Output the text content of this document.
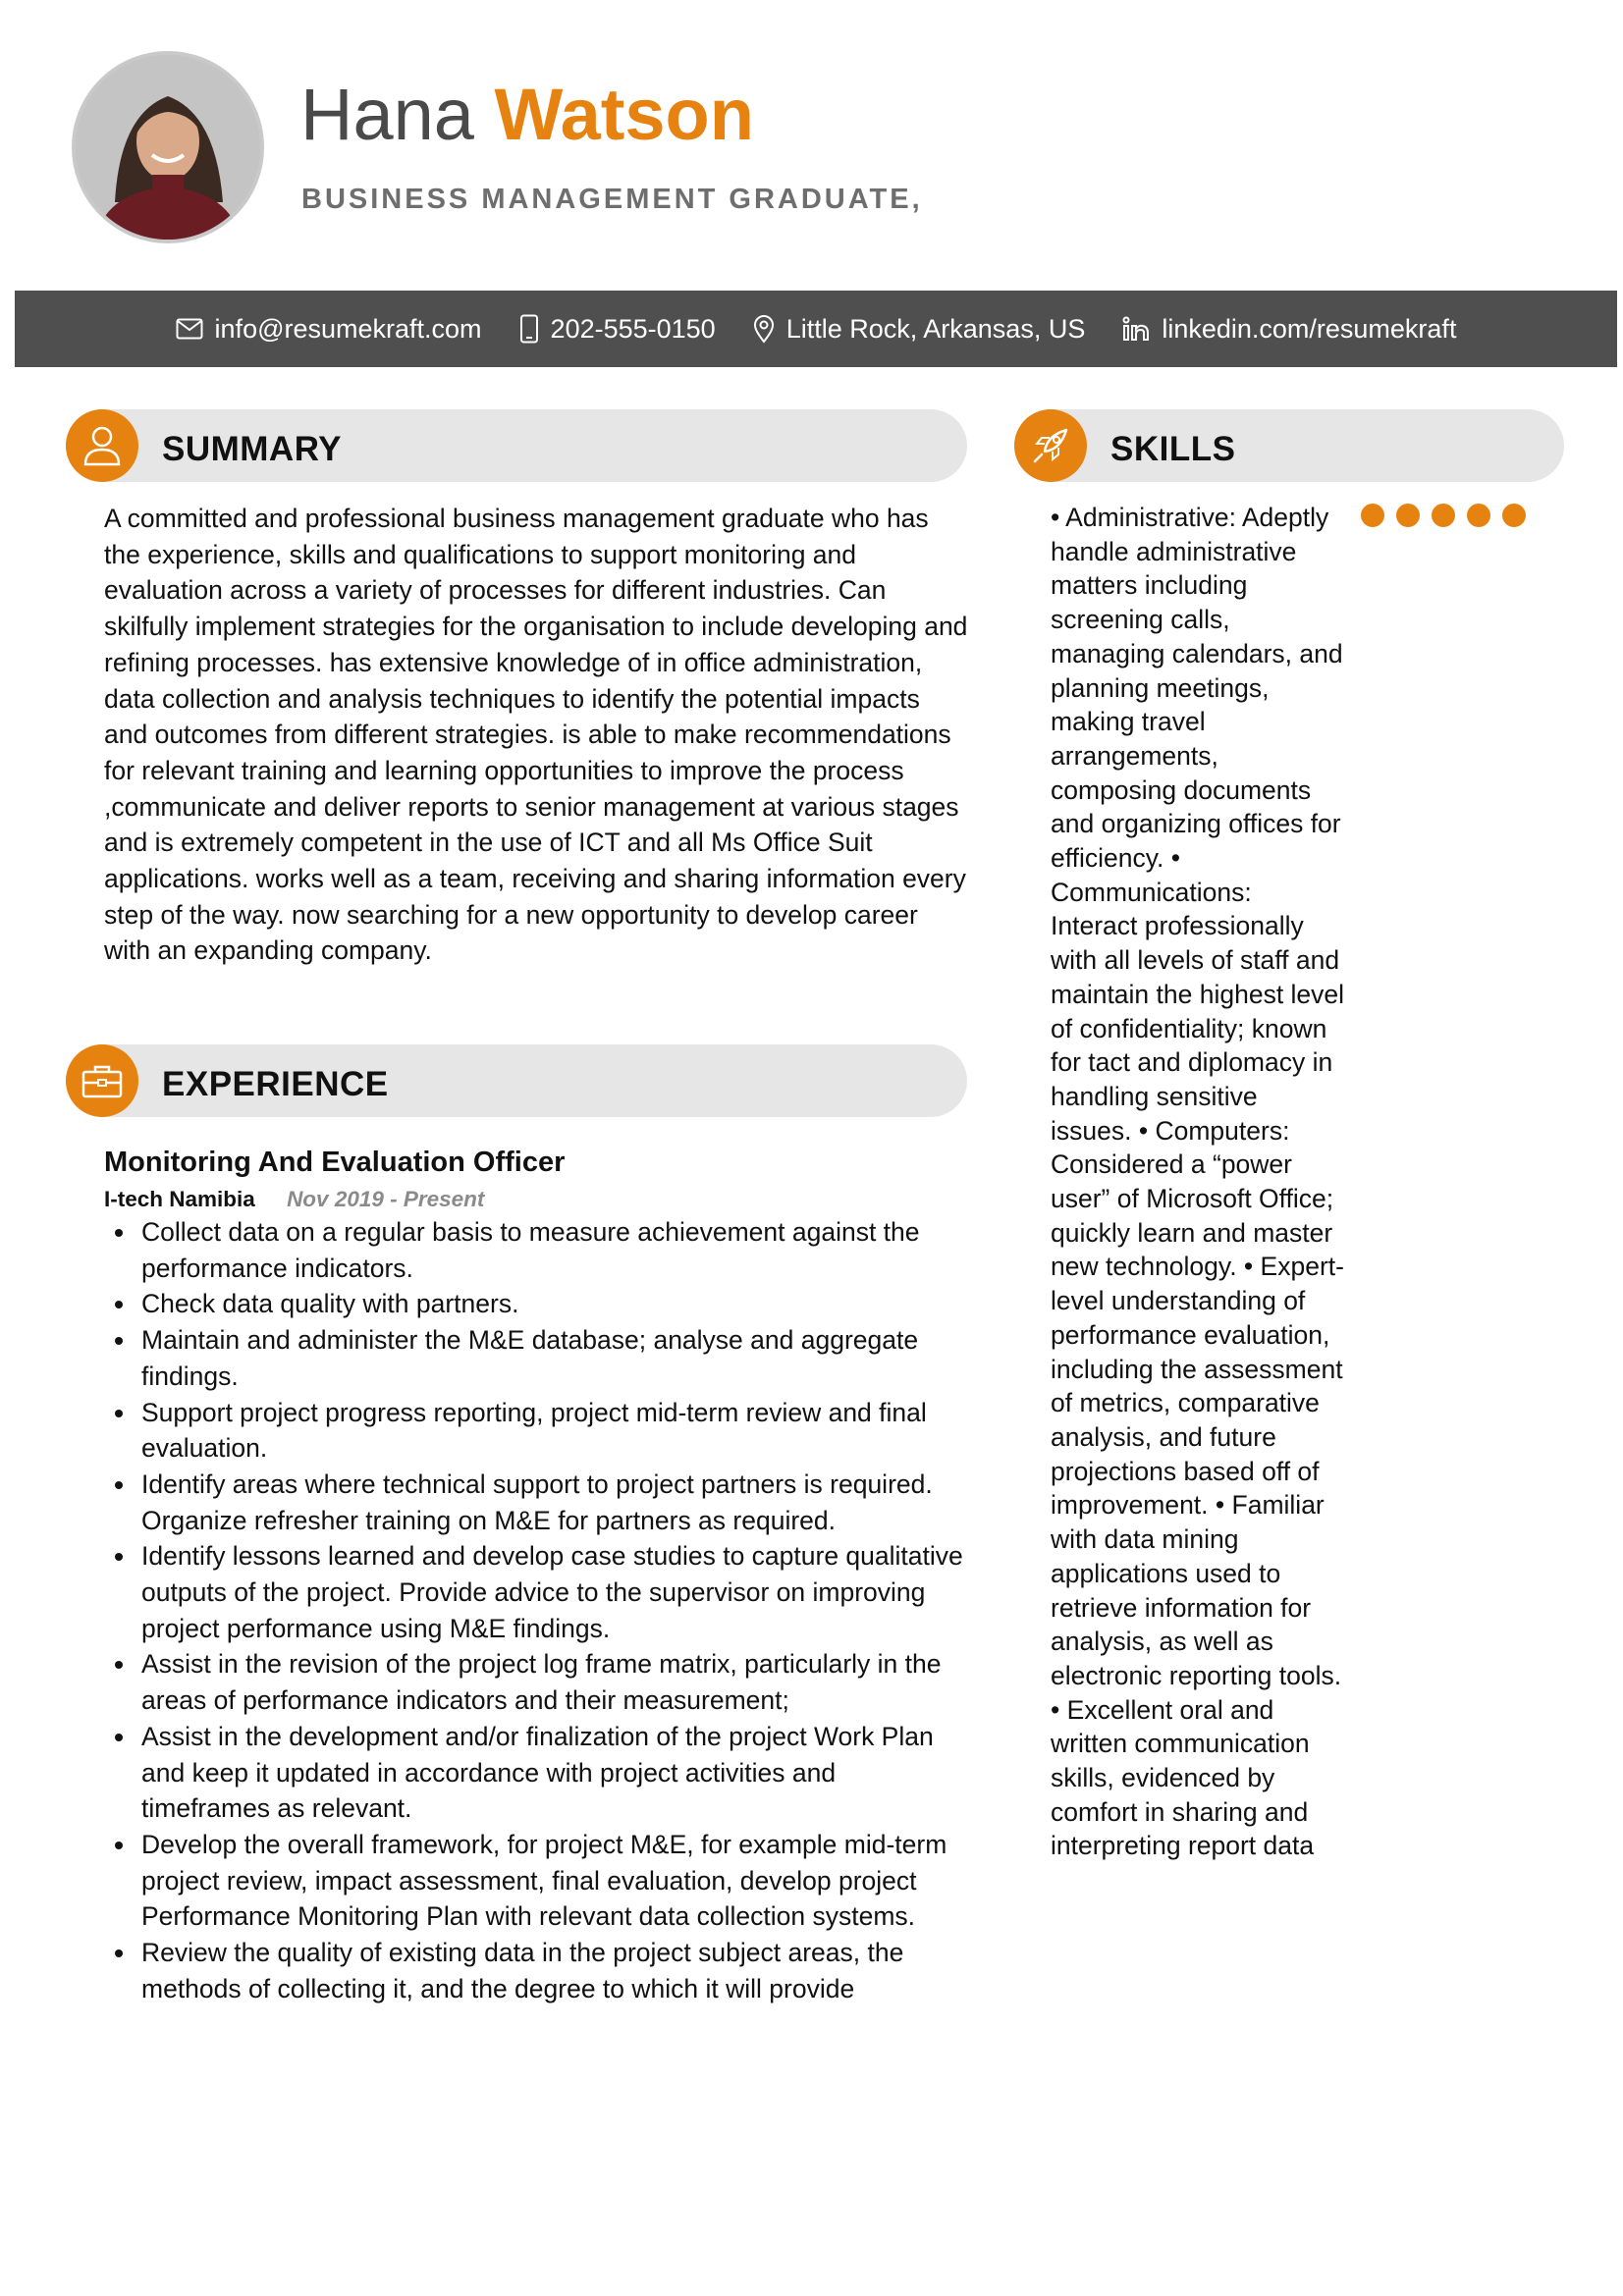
Hana Watson
BUSINESS MANAGEMENT GRADUATE,
info@resumekraft.com	202-555-0150	Little Rock, Arkansas, US	linkedin.com/resumekraft
SUMMARY
A committed and professional business management graduate who has the experience, skills and qualifications to support monitoring and evaluation across a variety of processes for different industries. Can skilfully implement strategies for the organisation to include developing and refining processes. has extensive knowledge of in office administration, data collection and analysis techniques to identify the potential impacts and outcomes from different strategies. is able to make recommendations for relevant training and learning opportunities to improve the process ,communicate and deliver reports to senior management at various stages and is extremely competent in the use of ICT and all Ms Office Suit applications. works well as a team, receiving and sharing information every step of the way. now searching for a new opportunity to develop career with an expanding company.
EXPERIENCE
Monitoring And Evaluation Officer
I-tech Namibia Nov 2019 - Present
Collect data on a regular basis to measure achievement against the performance indicators.
Check data quality with partners.
Maintain and administer the M&E database; analyse and aggregate findings.
Support project progress reporting, project mid-term review and final evaluation.
Identify areas where technical support to project partners is required. Organize refresher training on M&E for partners as required.
Identify lessons learned and develop case studies to capture qualitative outputs of the project. Provide advice to the supervisor on improving project performance using M&E findings.
Assist in the revision of the project log frame matrix, particularly in the areas of performance indicators and their measurement;
Assist in the development and/or finalization of the project Work Plan and keep it updated in accordance with project activities and timeframes as relevant.
Develop the overall framework, for project M&E, for example mid-term project review, impact assessment, final evaluation, develop project Performance Monitoring Plan with relevant data collection systems.
Review the quality of existing data in the project subject areas, the methods of collecting it, and the degree to which it will provide
SKILLS
• Administrative: Adeptly handle administrative matters including screening calls, managing calendars, and planning meetings, making travel arrangements, composing documents and organizing offices for efficiency. • Communications: Interact professionally with all levels of staff and maintain the highest level of confidentiality; known for tact and diplomacy in handling sensitive issues. • Computers: Considered a “power user” of Microsoft Office; quickly learn and master new technology. • Expert-level understanding of performance evaluation, including the assessment of metrics, comparative analysis, and future projections based off of improvement. • Familiar with data mining applications used to retrieve information for analysis, as well as electronic reporting tools. • Excellent oral and written communication skills, evidenced by comfort in sharing and interpreting report data
